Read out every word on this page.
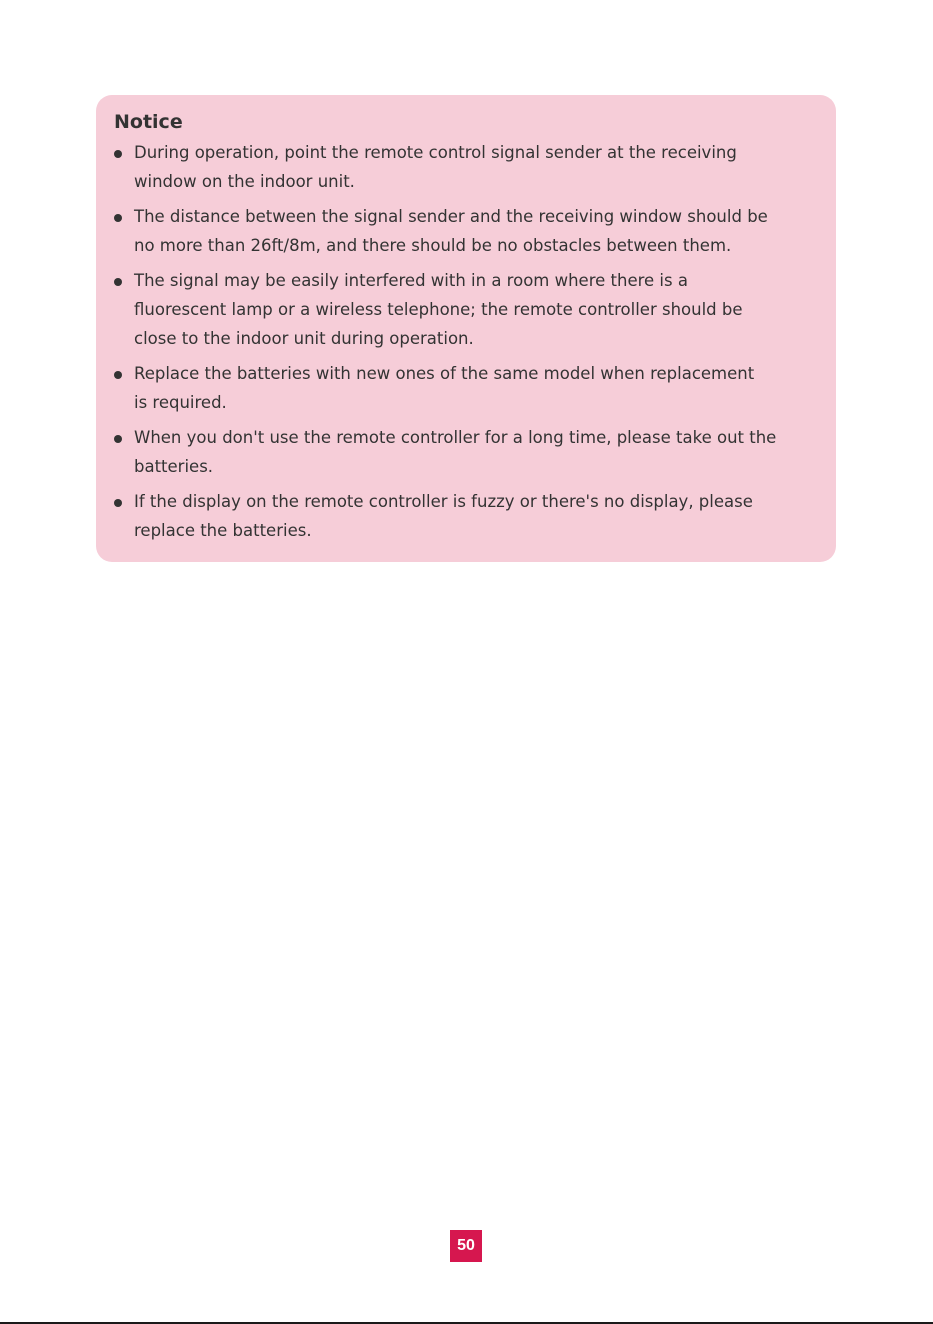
Notice
During operation, point the remote control signal sender at the receiving
window on the indoor unit.
The distance between the signal sender and the receiving window should be
no more than 26ft/8m, and there should be no obstacles between them.
The signal may be easily interfered with in a room where there is a
fluorescent lamp or a wireless telephone; the remote controller should be
close to the indoor unit during operation.
Replace the batteries with new ones of the same model when replacement
is required.
When you don't use the remote controller for a long time, please take out the
batteries.
If the display on the remote controller is fuzzy or there's no display, please
replace the batteries.
50
